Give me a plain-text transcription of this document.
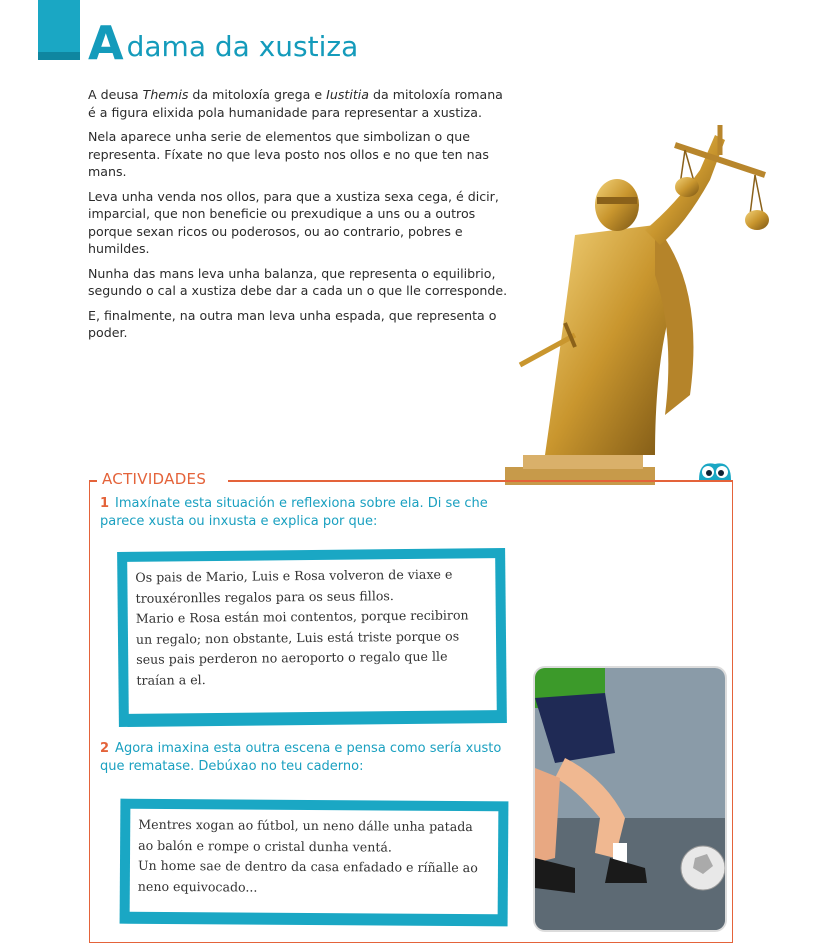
Adama da xustiza

A deusa Themis da mitoloxía grega e Iustitia da mitoloxía romana é a figura elixida pola humanidade para representar a xustiza.

Nela aparece unha serie de elementos que simbolizan o que representa. Fíxate no que leva posto nos ollos e no que ten nas mans.

Leva unha venda nos ollos, para que a xustiza sexa cega, é dicir, imparcial, que non beneficie ou prexudique a uns ou a outros porque sexan ricos ou poderosos, ou ao contrario, pobres e humildes.

Nunha das mans leva unha balanza, que representa o equilibrio, segundo o cal a xustiza debe dar a cada un o que lle corresponde.

E, finalmente, na outra man leva unha espada, que representa o poder.

ACTIVIDADES
1 Imaxínate esta situación e reflexiona sobre ela. Di se che parece xusta ou inxusta e explica por que:

Os pais de Mario, Luis e Rosa volveron de viaxe e trouxéronlles regalos para os seus fillos.

Mario e Rosa están moi contentos, porque recibiron un regalo; non obstante, Luis está triste porque os seus pais perderon no aeroporto o regalo que lle traían a el.

2 Agora imaxina esta outra escena e pensa como sería xusto que rematase. Debúxao no teu caderno:

Mentres xogan ao fútbol, un neno dálle unha patada ao balón e rompe o cristal dunha ventá.

Un home sae de dentro da casa enfadado e ríñalle ao neno equivocado...
